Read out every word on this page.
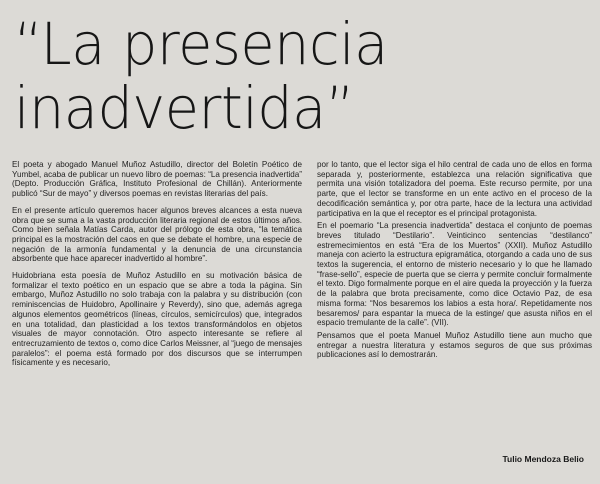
“La presencia
inadvertida”

El poeta y abogado Manuel Muñoz Astudillo, director del Boletín Poético de Yumbel, acaba de publicar un nuevo libro de poemas: “La presencia inadvertida” (Depto. Producción Gráfica, Instituto Profesional de Chillán). Anteriormente publicó “Sur de mayo” y diversos poemas en revistas literarias del país.

En el presente artículo queremos hacer algunos breves alcances a esta nueva obra que se suma a la vasta producción literaria regional de estos últimos años. Como bien señala Matías Carda, autor del prólogo de esta obra, “la temática principal es la mostración del caos en que se debate el hombre, una especie de negación de la armonía fundamental y la denuncia de una circunstancia absorbente que hace aparecer inadvertido al hombre”.

Huidobriana esta poesía de Muñoz Astudillo en su motivación básica de formalizar el texto poético en un espacio que se abre a toda la página. Sin embargo, Muñoz Astudillo no solo trabaja con la palabra y su distribución (con reminiscencias de Huidobro, Apollinaire y Reverdy), sino que, además agrega algunos elementos geométricos (líneas, círculos, semicírculos) que, integrados en una totalidad, dan plasticidad a los textos transformándolos en objetos visuales de mayor connotación. Otro aspecto interesante se refiere al entrecruzamiento de textos o, como dice Carlos Meissner, al “juego de mensajes paralelos”: el poema está formado por dos discursos que se interrumpen físicamente y es necesario,

por lo tanto, que el lector siga el hilo central de cada uno de ellos en forma separada y, posteriormente, establezca una relación significativa que permita una visión totalizadora del poema. Este recurso permite, por una parte, que el lector se transforme en un ente activo en el proceso de la decodificación semántica y, por otra parte, hace de la lectura una actividad participativa en la que el receptor es el principal protagonista.

En el poemario “La presencia inadvertida” destaca el conjunto de poemas breves titulado “Destilario”. Veinticinco sentencias “destilanco” estremecimientos en está “Era de los Muertos” (XXII). Muñoz Astudillo maneja con acierto la estructura epigramática, otorgando a cada uno de sus textos la sugerencia, el entorno de misterio necesario y lo que he llamado “frase-sello”, especie de puerta que se cierra y permite concluir formalmente el texto. Digo formalmente porque en el aire queda la proyección y la fuerza de la palabra que brota precisamente, como dice Octavio Paz, de esa misma forma: “Nos besaremos los labios a esta hora/. Repetidamente nos besaremos/ para espantar la mueca de la estinge/ que asusta niños en el espacio tremulante de la calle”. (VII).

Pensamos que el poeta Manuel Muñoz Astudillo tiene aun mucho que entregar a nuestra literatura y estamos seguros de que sus próximas publicaciones así lo demostrarán.

Tulio Mendoza Belio
